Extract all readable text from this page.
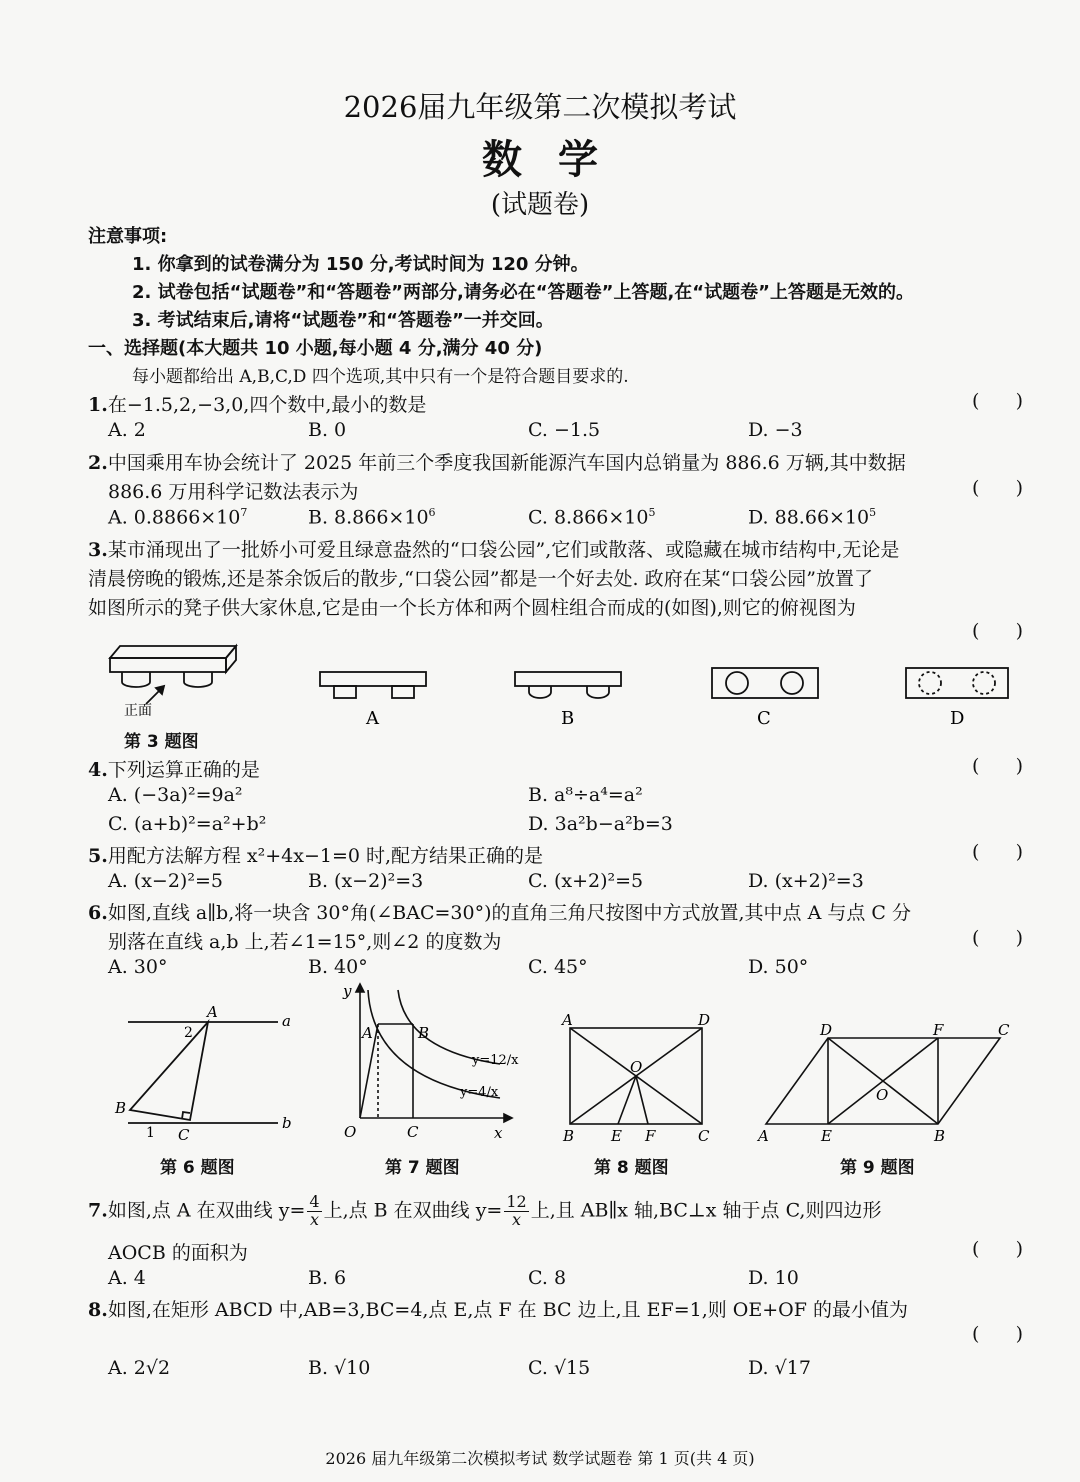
2026届九年级第二次模拟考试
数学
(试题卷)
注意事项:
1. 你拿到的试卷满分为 150 分,考试时间为 120 分钟。
2. 试卷包括“试题卷”和“答题卷”两部分,请务必在“答题卷”上答题,在“试题卷”上答题是无效的。
3. 考试结束后,请将“试题卷”和“答题卷”一并交回。
一、选择题(本大题共 10 小题,每小题 4 分,满分 40 分)
每小题都给出 A,B,C,D 四个选项,其中只有一个是符合题目要求的.
1.在−1.5,2,−3,0,四个数中,最小的数是	(      )
A. 2	B. 0	C. −1.5	D. −3
2.中国乘用车协会统计了 2025 年前三个季度我国新能源汽车国内总销量为 886.6 万辆,其中数据
886.6 万用科学记数法表示为	(      )
A. $0.8866\times 10^7$	B. $8.866\times 10^6$	C. $8.866\times 10^5$	D. $88.66\times 10^5$
3.某市涌现出了一批娇小可爱且绿意盎然的“口袋公园”,它们或散落、或隐藏在城市结构中,无论是
清晨傍晚的锻炼,还是茶余饭后的散步,“口袋公园”都是一个好去处. 政府在某“口袋公园”放置了
如图所示的凳子供大家休息,它是由一个长方体和两个圆柱组合而成的(如图),则它的俯视图为
(      )
正面	A	B	C	D
第 3 题图
4.下列运算正确的是	(      )
A. (−3a)²=9a²	B. a⁸÷a⁴=a²
C. (a+b)²=a²+b²	D. 3a²b−a²b=3
5.用配方法解方程 x²+4x−1=0 时,配方结果正确的是	(      )
A. (x−2)²=5	B. (x−2)²=3	C. (x+2)²=5	D. (x+2)²=3
6.如图,直线 a∥b,将一块含 30°角(∠BAC=30°)的直角三角尺按图中方式放置,其中点 A 与点 C 分
别落在直线 a,b 上,若∠1=15°,则∠2 的度数为	(      )
A. 30°	B. 40°	C. 45°	D. 50°
A
B
C
a
b
2
1
y
x
O
A	B
C
y=12/x
y=4/x
A	D
B	C
E F
O
D	F	C
A	E	B
O
第 6 题图	第 7 题图	第 8 题图	第 9 题图
7.如图,点 A 在双曲线 $y= \frac{4}{x}$ 上,点 B 在双曲线 $y= \frac{12}{x}$ 上,且 AB∥x 轴,BC⊥x 轴于点 C,则四边形
AOCB 的面积为	(      )
A. 4	B. 6	C. 8	D. 10
8.如图,在矩形 ABCD 中,AB=3,BC=4,点 E,点 F 在 BC 边上,且 EF=1,则 OE+OF 的最小值为
(      )
A. 2√2	B. √10	C. √15	D. √17
2026 届九年级第二次模拟考试 数学试题卷 第 1 页(共 4 页)
